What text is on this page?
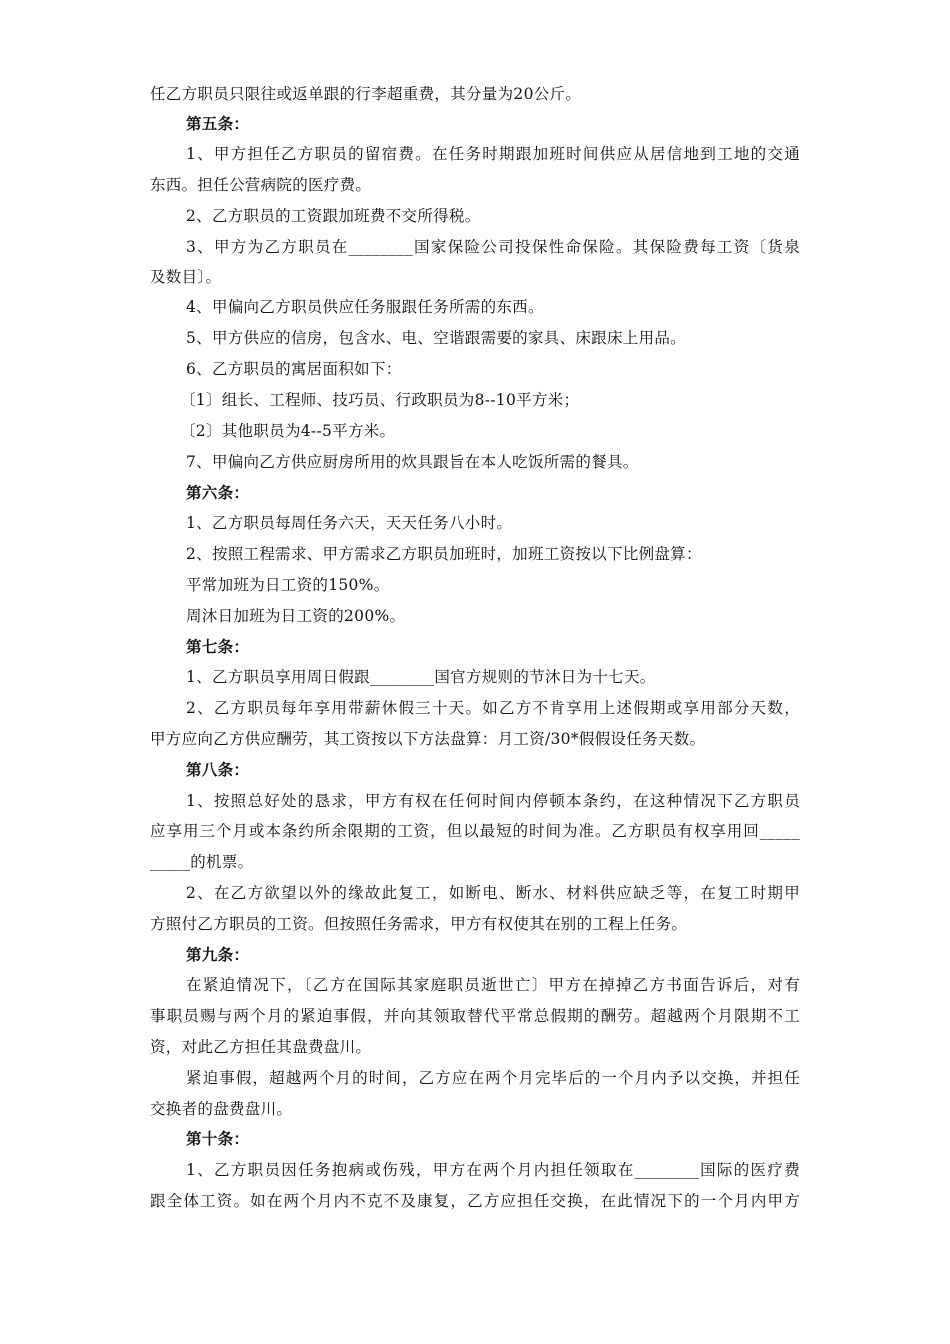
任乙方职员只限往或返单跟的行李超重费，其分量为20公斤。
第五条：
1、甲方担任乙方职员的留宿费。在任务时期跟加班时间供应从居信地到工地的交通
东西。担任公营病院的医疗费。
2、乙方职员的工资跟加班费不交所得税。
3、甲方为乙方职员在________国家保险公司投保性命保险。其保险费每工资〔货泉
及数目〕。
4、甲偏向乙方职员供应任务服跟任务所需的东西。
5、甲方供应的信房，包含水、电、空谐跟需要的家具、床跟床上用品。
6、乙方职员的寓居面积如下：
〔1〕组长、工程师、技巧员、行政职员为8--10平方米；
〔2〕其他职员为4--5平方米。
7、甲偏向乙方供应厨房所用的炊具跟旨在本人吃饭所需的餐具。
第六条：
1、乙方职员每周任务六天，天天任务八小时。
2、按照工程需求、甲方需求乙方职员加班时，加班工资按以下比例盘算：
平常加班为日工资的150%。
周沐日加班为日工资的200%。
第七条：
1、乙方职员享用周日假跟________国官方规则的节沐日为十七天。
2、乙方职员每年享用带薪休假三十天。如乙方不肯享用上述假期或享用部分天数，
甲方应向乙方供应酬劳，其工资按以下方法盘算：月工资/30*假假设任务天数。
第八条：
1、按照总好处的恳求，甲方有权在任何时间内停顿本条约，在这种情况下乙方职员
应享用三个月或本条约所余限期的工资，但以最短的时间为准。乙方职员有权享用回_____
_____的机票。
2、在乙方欲望以外的缘故此复工，如断电、断水、材料供应缺乏等，在复工时期甲
方照付乙方职员的工资。但按照任务需求，甲方有权使其在别的工程上任务。
第九条：
在紧迫情况下，〔乙方在国际其家庭职员逝世亡〕甲方在掉掉乙方书面告诉后，对有
事职员赐与两个月的紧迫事假，并向其领取替代平常总假期的酬劳。超越两个月限期不工
资，对此乙方担任其盘费盘川。
紧迫事假，超越两个月的时间，乙方应在两个月完毕后的一个月内予以交换，并担任
交换者的盘费盘川。
第十条：
1、乙方职员因任务抱病或伤残，甲方在两个月内担任领取在________国际的医疗费
跟全体工资。如在两个月内不克不及康复，乙方应担任交换，在此情况下的一个月内甲方
